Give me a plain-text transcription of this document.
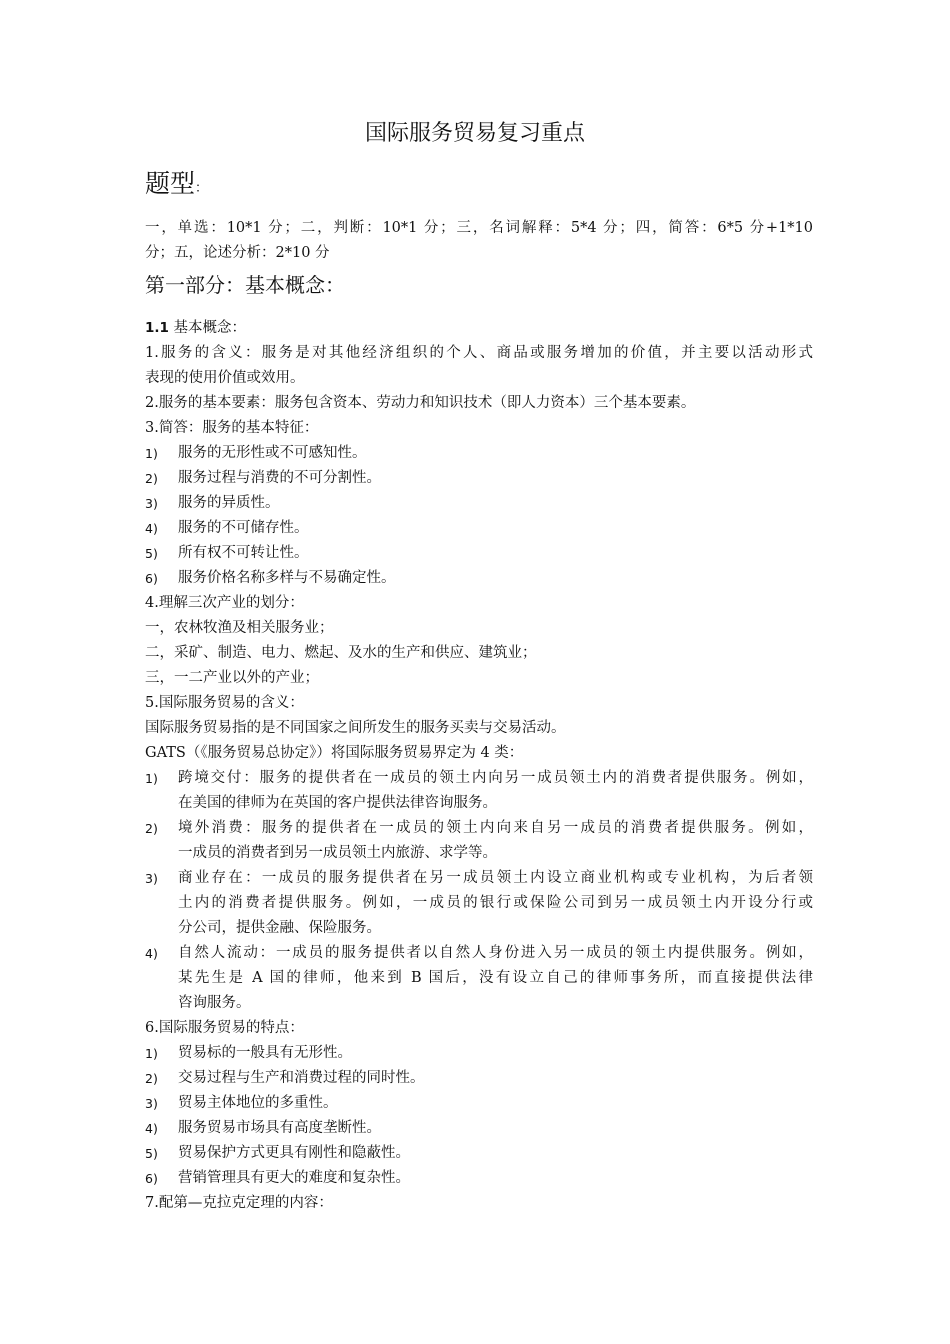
国际服务贸易复习重点
题型：
一，单选：10*1 分；二，判断：10*1 分；三，名词解释：5*4 分；四，简答：6*5 分+1*10
分；五，论述分析：2*10 分
第一部分：基本概念：
1.1 基本概念：
1.服务的含义：服务是对其他经济组织的个人、商品或服务增加的价值，并主要以活动形式
表现的使用价值或效用。
2.服务的基本要素：服务包含资本、劳动力和知识技术（即人力资本）三个基本要素。
3.简答：服务的基本特征：
1) 服务的无形性或不可感知性。
2) 服务过程与消费的不可分割性。
3) 服务的异质性。
4) 服务的不可储存性。
5) 所有权不可转让性。
6) 服务价格名称多样与不易确定性。
4.理解三次产业的划分：
一，农林牧渔及相关服务业；
二，采矿、制造、电力、燃起、及水的生产和供应、建筑业；
三，一二产业以外的产业；
5.国际服务贸易的含义：
国际服务贸易指的是不同国家之间所发生的服务买卖与交易活动。
GATS（《服务贸易总协定》）将国际服务贸易界定为 4 类：
1) 跨境交付：服务的提供者在一成员的领土内向另一成员领土内的消费者提供服务。例如，
在美国的律师为在英国的客户提供法律咨询服务。
2) 境外消费：服务的提供者在一成员的领土内向来自另一成员的消费者提供服务。例如，
一成员的消费者到另一成员领土内旅游、求学等。
3) 商业存在：一成员的服务提供者在另一成员领土内设立商业机构或专业机构，为后者领
土内的消费者提供服务。例如，一成员的银行或保险公司到另一成员领土内开设分行或
分公司，提供金融、保险服务。
4) 自然人流动：一成员的服务提供者以自然人身份进入另一成员的领土内提供服务。例如，
某先生是 A 国的律师，他来到 B 国后，没有设立自己的律师事务所，而直接提供法律
咨询服务。
6.国际服务贸易的特点：
1) 贸易标的一般具有无形性。
2) 交易过程与生产和消费过程的同时性。
3) 贸易主体地位的多重性。
4) 服务贸易市场具有高度垄断性。
5) 贸易保护方式更具有刚性和隐蔽性。
6) 营销管理具有更大的难度和复杂性。
7.配第—克拉克定理的内容：
